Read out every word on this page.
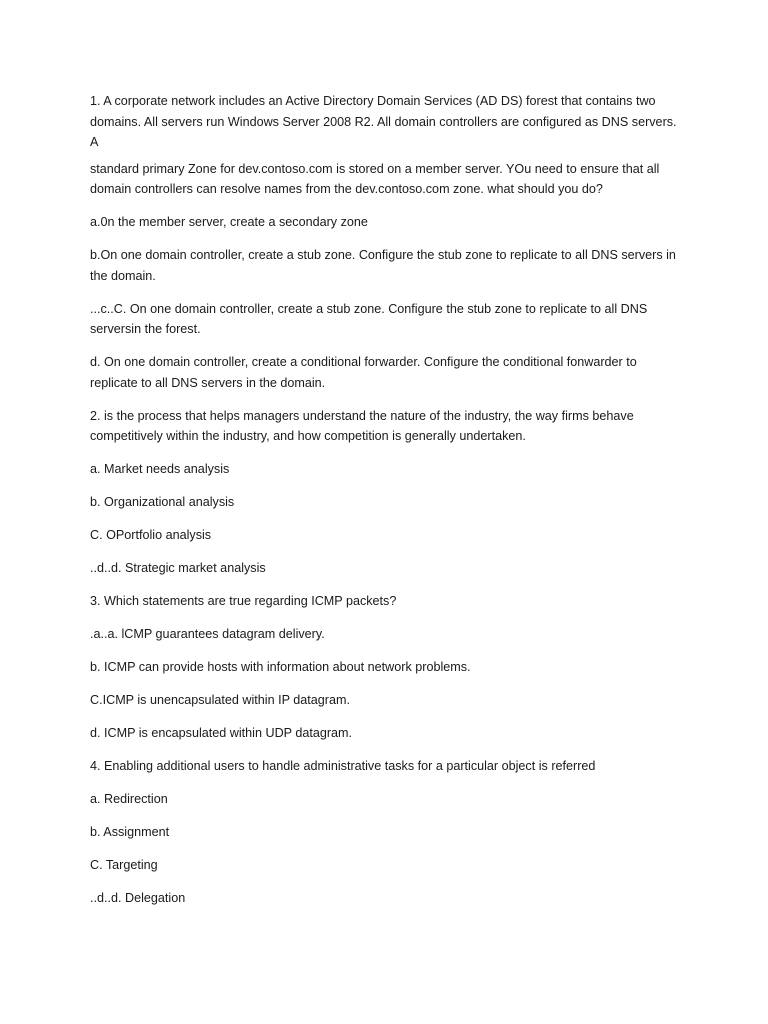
1. A corporate network includes an Active Directory Domain Services (AD DS) forest that contains two domains. All servers run Windows Server 2008 R2. All domain controllers are configured as DNS servers. A

standard primary Zone for dev.contoso.com is stored on a member server. YOu need to ensure that all domain controllers can resolve names from the dev.contoso.com zone. what should you do?

a.0n the member server, create a secondary zone

b.On one domain controller, create a stub zone. Configure the stub zone to replicate to all DNS servers in the domain.

...c..C. On one domain controller, create a stub zone. Configure the stub zone to replicate to all DNS serversin the forest.

d. On one domain controller, create a conditional forwarder. Configure the conditional fonwarder to replicate to all DNS servers in the domain.

2. is the process that helps managers understand the nature of the industry, the way firms behave competitively within the industry, and how competition is generally undertaken.

a. Market needs analysis

b. Organizational analysis

C. OPortfolio analysis

..d..d. Strategic market analysis

3. Which statements are true regarding ICMP packets?

.a..a. lCMP guarantees datagram delivery.

b. ICMP can provide hosts with information about network problems.

C.ICMP is unencapsulated within IP datagram.

d. ICMP is encapsulated within UDP datagram.

4. Enabling additional users to handle administrative tasks for a particular object is referred

a. Redirection

b. Assignment

C. Targeting

..d..d. Delegation
